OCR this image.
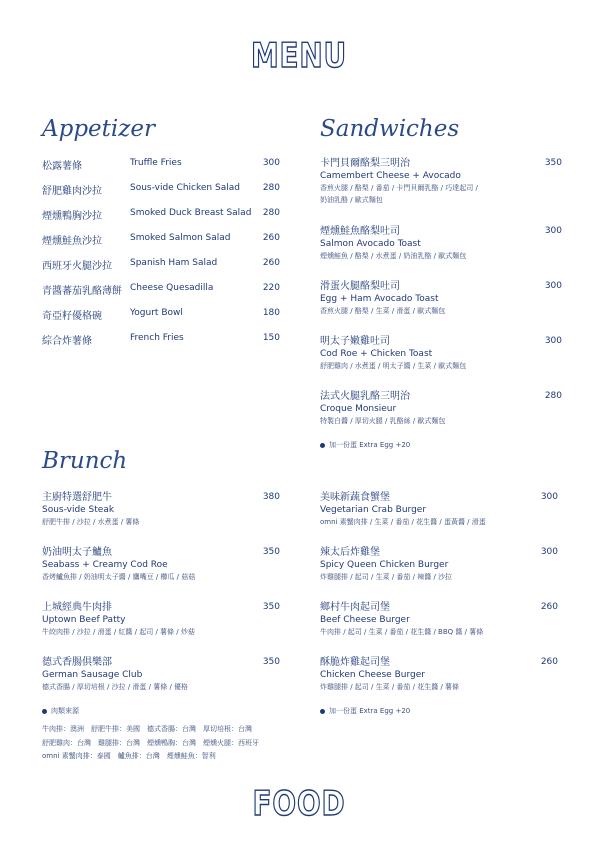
MENU
Appetizer
松露薯條	Truffle Fries	300
舒肥雞肉沙拉	Sous-vide Chicken Salad	280
煙燻鴨胸沙拉	Smoked Duck Breast Salad 280
煙燻鮭魚沙拉	Smoked Salmon Salad	260
西班牙火腿沙拉 Spanish Ham Salad	260
青醬蕃茄乳酪薄餅 Cheese Quesadilla	220
奇亞籽優格碗	Yogurt Bowl	180
綜合炸薯條	French Fries	150
Sandwiches
卡門貝爾酪梨三明治
Camembert Cheese + Avocado
香煎火腿 / 酪梨 / 番茄 / 卡門貝爾乳酪 / 巧達起司 /
奶油乳酪 / 歐式麵包
350
煙燻鮭魚酪梨吐司
Salmon Avocado Toast
煙燻鮭魚 / 酪梨 / 水煮蛋 / 奶油乳酪 / 歐式麵包
300
滑蛋火腿酪梨吐司
Egg + Ham Avocado Toast
香煎火腿 / 酪梨 / 生菜 / 滑蛋 / 歐式麵包
300
明太子嫩雞吐司
Cod Roe + Chicken Toast
舒肥雞肉 / 水煮蛋 / 明太子醬 / 生菜 / 歐式麵包
300
法式火腿乳酪三明治
Croque Monsieur
特製白醬 / 厚切火腿 / 乳酪絲 / 歐式麵包
280
加一份蛋 Extra Egg +20
Brunch
主廚特選舒肥牛
Sous-vide Steak
舒肥牛排 / 沙拉 / 水煮蛋 / 薯條
380
奶油明太子鱸魚
Seabass + Creamy Cod Roe
香烤鱸魚排 / 奶油明太子醬 / 鷹嘴豆 / 櫛瓜 / 菇菇
350
上城經典牛肉排
Uptown Beef Patty
牛絞肉排 / 沙拉 / 滑蛋 / 紅醬 / 起司 / 薯條 / 炒菇
350
德式香腸俱樂部
German Sausage Club
德式香腸 / 厚切培根 / 沙拉 / 滑蛋 / 薯條 / 優格
350
肉類來源
牛肉排：澳洲　舒肥牛排：美國　德式香腸：台灣　厚切培根：台灣
舒肥雞肉：台灣　雞腿排：台灣　煙燻鴨胸：台灣　煙燻火腿：西班牙
omni 素蟹肉排：泰國　鱸魚排：台灣　煙燻鮭魚：智利
美味新蔬食蟹堡
Vegetarian Crab Burger
omni 素蟹肉排 / 生菜 / 番茄 / 花生醬 / 蛋黃醬 / 滑蛋
300
辣太后炸雞堡
Spicy Queen Chicken Burger
炸雞腿排 / 起司 / 生菜 / 番茄 / 辣醬 / 沙拉
300
鄉村牛肉起司堡
Beef Cheese Burger
牛肉排 / 起司 / 生菜 / 番茄 / 花生醬 / BBQ 醬 / 薯條
260
酥脆炸雞起司堡
Chicken Cheese Burger
炸雞腿排 / 起司 / 生菜 / 番茄 / 花生醬 / 薯條
260
加一份蛋 Extra Egg +20
FOOD
